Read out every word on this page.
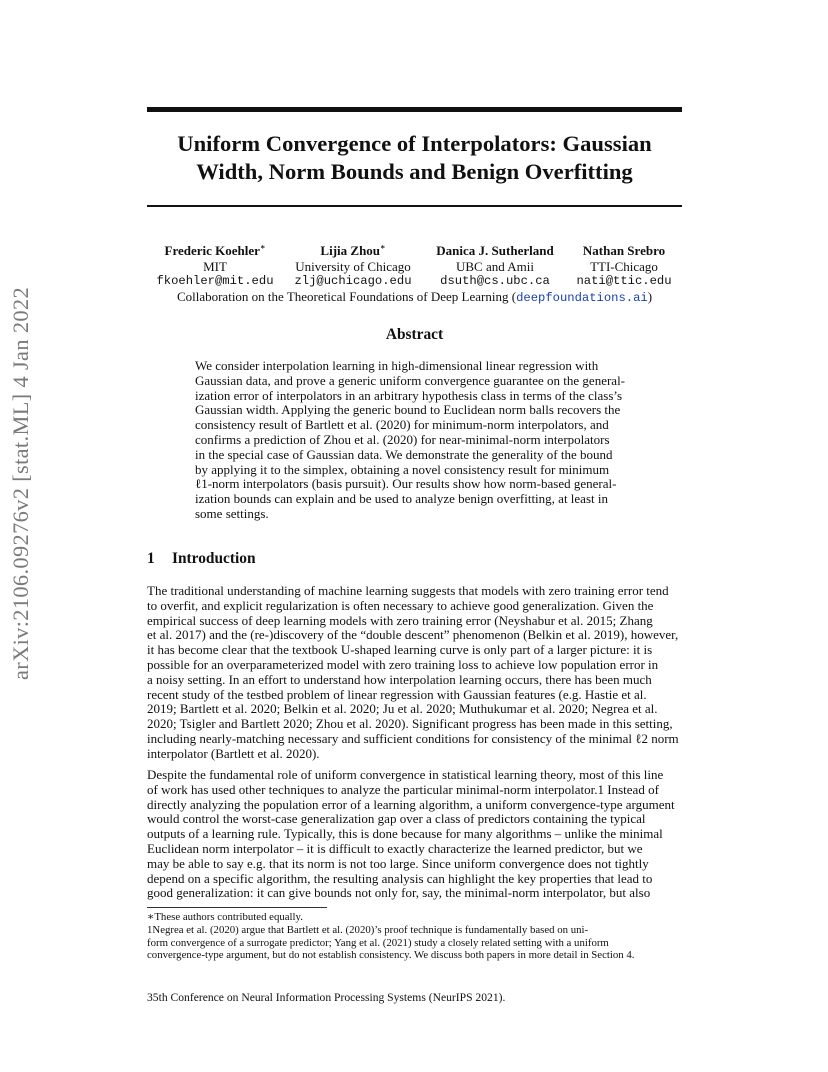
arXiv:2106.09276v2 [stat.ML] 4 Jan 2022
Uniform Convergence of Interpolators: Gaussian
Width, Norm Bounds and Benign Overfitting
Frederic Koehler∗
MIT
fkoehler@mit.edu
Lijia Zhou∗
University of Chicago
zlj@uchicago.edu
Danica J. Sutherland
UBC and Amii
dsuth@cs.ubc.ca
Nathan Srebro
TTI-Chicago
nati@ttic.edu
Collaboration on the Theoretical Foundations of Deep Learning (deepfoundations.ai)
Abstract
We consider interpolation learning in high-dimensional linear regression with
Gaussian data, and prove a generic uniform convergence guarantee on the general-
ization error of interpolators in an arbitrary hypothesis class in terms of the class’s
Gaussian width. Applying the generic bound to Euclidean norm balls recovers the
consistency result of Bartlett et al. (2020) for minimum-norm interpolators, and
confirms a prediction of Zhou et al. (2020) for near-minimal-norm interpolators
in the special case of Gaussian data. We demonstrate the generality of the bound
by applying it to the simplex, obtaining a novel consistency result for minimum
ℓ1-norm interpolators (basis pursuit). Our results show how norm-based general-
ization bounds can explain and be used to analyze benign overfitting, at least in
some settings.
1 Introduction
The traditional understanding of machine learning suggests that models with zero training error tend
to overfit, and explicit regularization is often necessary to achieve good generalization. Given the
empirical success of deep learning models with zero training error (Neyshabur et al. 2015; Zhang
et al. 2017) and the (re-)discovery of the “double descent” phenomenon (Belkin et al. 2019), however,
it has become clear that the textbook U-shaped learning curve is only part of a larger picture: it is
possible for an overparameterized model with zero training loss to achieve low population error in
a noisy setting. In an effort to understand how interpolation learning occurs, there has been much
recent study of the testbed problem of linear regression with Gaussian features (e.g. Hastie et al.
2019; Bartlett et al. 2020; Belkin et al. 2020; Ju et al. 2020; Muthukumar et al. 2020; Negrea et al.
2020; Tsigler and Bartlett 2020; Zhou et al. 2020). Significant progress has been made in this setting,
including nearly-matching necessary and sufficient conditions for consistency of the minimal ℓ2 norm
interpolator (Bartlett et al. 2020).
Despite the fundamental role of uniform convergence in statistical learning theory, most of this line
of work has used other techniques to analyze the particular minimal-norm interpolator.1 Instead of
directly analyzing the population error of a learning algorithm, a uniform convergence-type argument
would control the worst-case generalization gap over a class of predictors containing the typical
outputs of a learning rule. Typically, this is done because for many algorithms – unlike the minimal
Euclidean norm interpolator – it is difficult to exactly characterize the learned predictor, but we
may be able to say e.g. that its norm is not too large. Since uniform convergence does not tightly
depend on a specific algorithm, the resulting analysis can highlight the key properties that lead to
good generalization: it can give bounds not only for, say, the minimal-norm interpolator, but also
∗These authors contributed equally.
1Negrea et al. (2020) argue that Bartlett et al. (2020)’s proof technique is fundamentally based on uni-
form convergence of a surrogate predictor; Yang et al. (2021) study a closely related setting with a uniform
convergence-type argument, but do not establish consistency. We discuss both papers in more detail in Section 4.
35th Conference on Neural Information Processing Systems (NeurIPS 2021).
